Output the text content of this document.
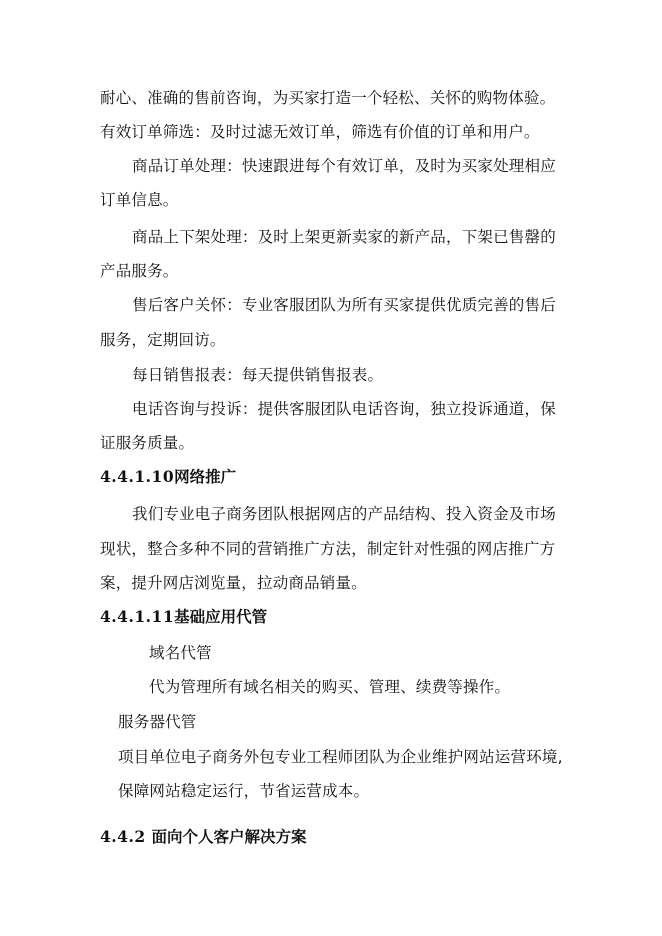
耐心、准确的售前咨询，为买家打造一个轻松、关怀的购物体验。
有效订单筛选：及时过滤无效订单，筛选有价值的订单和用户。
商品订单处理：快速跟进每个有效订单，及时为买家处理相应
订单信息。
商品上下架处理：及时上架更新卖家的新产品，下架已售罄的
产品服务。
售后客户关怀：专业客服团队为所有买家提供优质完善的售后
服务，定期回访。
每日销售报表：每天提供销售报表。
电话咨询与投诉：提供客服团队电话咨询，独立投诉通道，保
证服务质量。
4.4.1.10网络推广
我们专业电子商务团队根据网店的产品结构、投入资金及市场
现状，整合多种不同的营销推广方法，制定针对性强的网店推广方
案，提升网店浏览量，拉动商品销量。
4.4.1.11基础应用代管
域名代管
代为管理所有域名相关的购买、管理、续费等操作。
服务器代管
项目单位电子商务外包专业工程师团队为企业维护网站运营环境,
保障网站稳定运行，节省运营成本。
4.4.2 面向个人客户解决方案
